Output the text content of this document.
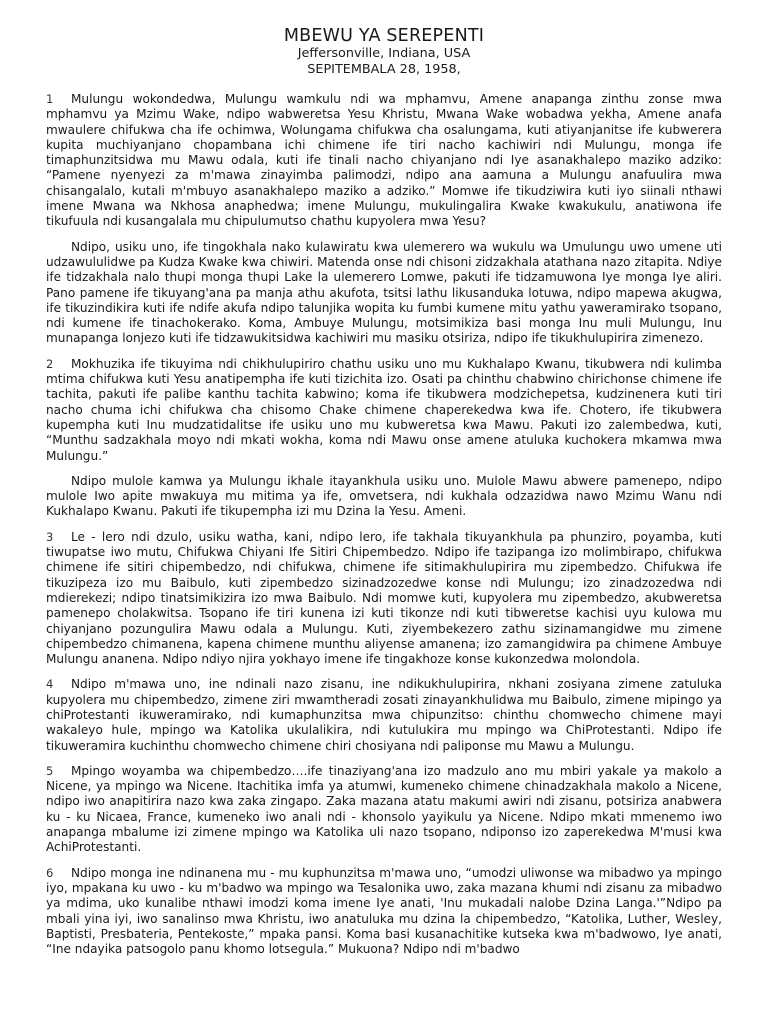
MBEWU YA SEREPENTI
Jeffersonville, Indiana, USA
SEPITEMBALA 28, 1958,

1 Mulungu wokondedwa, Mulungu wamkulu ndi wa mphamvu, Amene anapanga zinthu zonse mwa mphamvu ya Mzimu Wake, ndipo wabweretsa Yesu Khristu, Mwana Wake wobadwa yekha, Amene anafa mwaulere chifukwa cha ife ochimwa, Wolungama chifukwa cha osalungama, kuti atiyanjanitse ife kubwerera kupita muchiyanjano chopambana ichi chimene ife tiri nacho kachiwiri ndi Mulungu, monga ife timaphunzitsidwa mu Mawu odala, kuti ife tinali nacho chiyanjano ndi Iye asanakhalepo maziko adziko: “Pamene nyenyezi za m'mawa zinayimba palimodzi, ndipo ana aamuna a Mulungu anafuulira mwa chisangalalo, kutali m'mbuyo asanakhalepo maziko a adziko.” Momwe ife tikudziwira kuti iyo siinali nthawi imene Mwana wa Nkhosa anaphedwa; imene Mulungu, mukulingalira Kwake kwakukulu, anatiwona ife tikufuula ndi kusangalala mu chipulumutso chathu kupyolera mwa Yesu?

Ndipo, usiku uno, ife tingokhala nako kulawiratu kwa ulemerero wa wukulu wa Umulungu uwo umene uti udzawululidwe pa Kudza Kwake kwa chiwiri. Matenda onse ndi chisoni zidzakhala atathana nazo zitapita. Ndiye ife tidzakhala nalo thupi monga thupi Lake la ulemerero Lomwe, pakuti ife tidzamuwona Iye monga Iye aliri. Pano pamene ife tikuyang'ana pa manja athu akufota, tsitsi lathu likusanduka lotuwa, ndipo mapewa akugwa, ife tikuzindikira kuti ife ndife akufa ndipo talunjika wopita ku fumbi kumene mitu yathu yaweramirako tsopano, ndi kumene ife tinachokerako. Koma, Ambuye Mulungu, motsimikiza basi monga Inu muli Mulungu, Inu munapanga lonjezo kuti ife tidzawukitsidwa kachiwiri mu masiku otsiriza, ndipo ife tikukhulupirira zimenezo.

2 Mokhuzika ife tikuyima ndi chikhulupiriro chathu usiku uno mu Kukhalapo Kwanu, tikubwera ndi kulimba mtima chifukwa kuti Yesu anatipempha ife kuti tizichita izo. Osati pa chinthu chabwino chirichonse chimene ife tachita, pakuti ife palibe kanthu tachita kabwino; koma ife tikubwera modzichepetsa, kudzinenera kuti tiri nacho chuma ichi chifukwa cha chisomo Chake chimene chaperekedwa kwa ife. Chotero, ife tikubwera kupempha kuti Inu mudzatidalitse ife usiku uno mu kubweretsa kwa Mawu. Pakuti izo zalembedwa, kuti, “Munthu sadzakhala moyo ndi mkati wokha, koma ndi Mawu onse amene atuluka kuchokera mkamwa mwa Mulungu.”

Ndipo mulole kamwa ya Mulungu ikhale itayankhula usiku uno. Mulole Mawu abwere pamenepo, ndipo mulole Iwo apite mwakuya mu mitima ya ife, omvetsera, ndi kukhala odzazidwa nawo Mzimu Wanu ndi Kukhalapo Kwanu. Pakuti ife tikupempha izi mu Dzina la Yesu. Ameni.

3 Le - lero ndi dzulo, usiku watha, kani, ndipo lero, ife takhala tikuyankhula pa phunziro, poyamba, kuti tiwupatse iwo mutu, Chifukwa Chiyani Ife Sitiri Chipembedzo. Ndipo ife tazipanga izo molimbirapo, chifukwa chimene ife sitiri chipembedzo, ndi chifukwa, chimene ife sitimakhulupirira mu zipembedzo. Chifukwa ife tikuzipeza izo mu Baibulo, kuti zipembedzo sizinadzozedwe konse ndi Mulungu; izo zinadzozedwa ndi mdierekezi; ndipo tinatsimikizira izo mwa Baibulo. Ndi momwe kuti, kupyolera mu zipembedzo, akubweretsa pamenepo cholakwitsa. Tsopano ife tiri kunena izi kuti tikonze ndi kuti tibweretse kachisi uyu kulowa mu chiyanjano pozungulira Mawu odala a Mulungu. Kuti, ziyembekezero zathu sizinamangidwe mu zimene chipembedzo chimanena, kapena chimene munthu aliyense amanena; izo zamangidwira pa chimene Ambuye Mulungu ananena. Ndipo ndiyo njira yokhayo imene ife tingakhoze konse kukonzedwa molondola.

4 Ndipo m'mawa uno, ine ndinali nazo zisanu, ine ndikukhulupirira, nkhani zosiyana zimene zatuluka kupyolera mu chipembedzo, zimene ziri mwamtheradi zosati zinayankhulidwa mu Baibulo, zimene mipingo ya chiProtestanti ikuweramirako, ndi kumaphunzitsa mwa chipunzitso: chinthu chomwecho chimene mayi wakaleyo hule, mpingo wa Katolika ukulalikira, ndi kutulukira mu mpingo wa ChiProtestanti. Ndipo ife tikuweramira kuchinthu chomwecho chimene chiri chosiyana ndi paliponse mu Mawu a Mulungu.

5 Mpingo woyamba wa chipembedzo….ife tinaziyang'ana izo madzulo ano mu mbiri yakale ya makolo a Nicene, ya mpingo wa Nicene. Itachitika imfa ya atumwi, kumeneko chimene chinadzakhala makolo a Nicene, ndipo iwo anapitirira nazo kwa zaka zingapo. Zaka mazana atatu makumi awiri ndi zisanu, potsiriza anabwera ku - ku Nicaea, France, kumeneko iwo anali ndi - khonsolo yayikulu ya Nicene. Ndipo mkati mmenemo iwo anapanga mbalume izi zimene mpingo wa Katolika uli nazo tsopano, ndiponso izo zaperekedwa M'musi kwa AchiProtestanti.

6 Ndipo monga ine ndinanena mu - mu kuphunzitsa m'mawa uno, “umodzi uliwonse wa mibadwo ya mpingo iyo, mpakana ku uwo - ku m'badwo wa mpingo wa Tesalonika uwo, zaka mazana khumi ndi zisanu za mibadwo ya mdima, uko kunalibe nthawi imodzi koma imene Iye anati, 'Inu mukadali nalobe Dzina Langa.'”Ndipo pa mbali yina iyi, iwo sanalinso mwa Khristu, iwo anatuluka mu dzina la chipembedzo, “Katolika, Luther, Wesley, Baptisti, Presbateria, Pentekoste,” mpaka pansi. Koma basi kusanachitike kutseka kwa m'badwowo, Iye anati, “Ine ndayika patsogolo panu khomo lotsegula.” Mukuona? Ndipo ndi m'badwo
